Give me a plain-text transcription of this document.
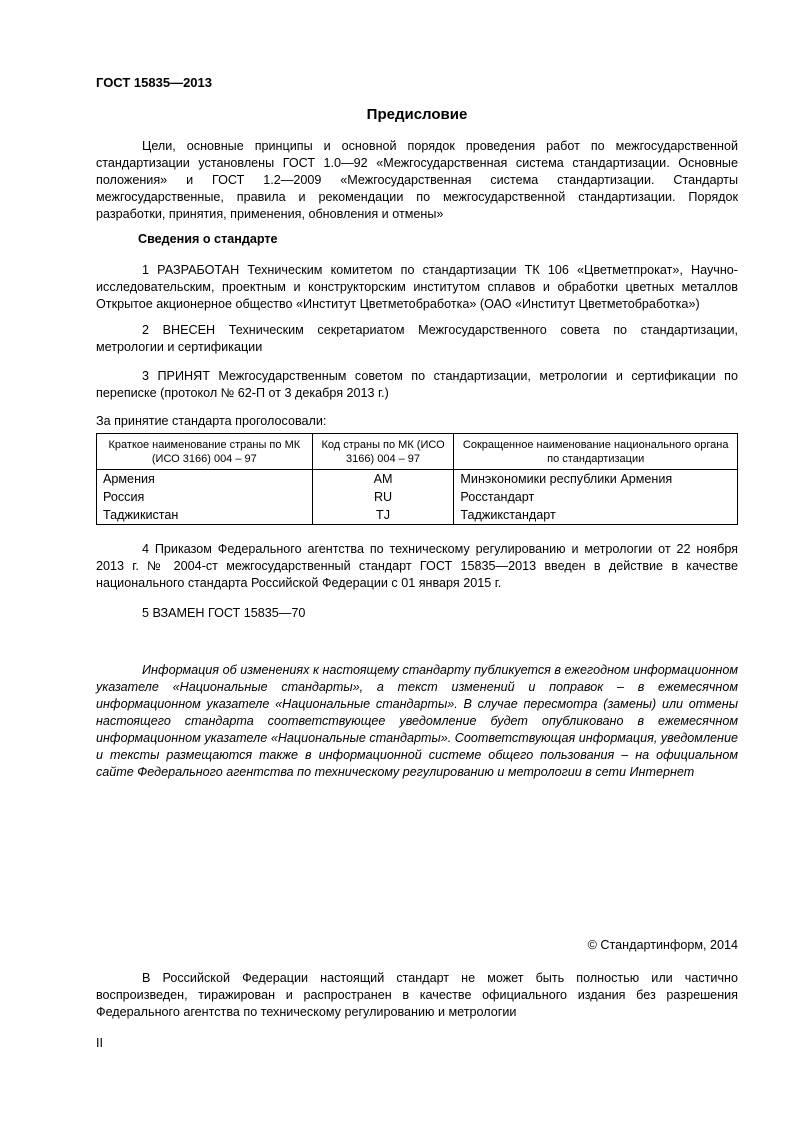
ГОСТ 15835—2013
Предисловие
Цели, основные принципы и основной порядок проведения работ по межгосударственной стандартизации установлены ГОСТ 1.0—92 «Межгосударственная система стандартизации. Основные положения» и ГОСТ 1.2—2009 «Межгосударственная система стандартизации. Стандарты межгосударственные, правила и рекомендации по межгосударственной стандартизации. Порядок разработки, принятия, применения, обновления и отмены»
Сведения о стандарте
1 РАЗРАБОТАН Техническим комитетом по стандартизации ТК 106 «Цветметпрокат», Научно-исследовательским, проектным и конструкторским институтом сплавов и обработки цветных металлов Открытое акционерное общество «Институт Цветметобработка» (ОАО «Институт Цветметобработка»)
2 ВНЕСЕН Техническим секретариатом Межгосударственного совета по стандартизации, метрологии и сертификации
3 ПРИНЯТ Межгосударственным советом по стандартизации, метрологии и сертификации по переписке (протокол № 62-П от 3 декабря 2013 г.)
За принятие стандарта проголосовали:
Краткое наименование страны по МК (ИСО 3166) 004 – 97	Код страны по МК (ИСО 3166) 004 – 97	Сокращенное наименование национального органа по стандартизации
Армения	AM	Минэкономики республики Армения
Россия	RU	Росстандарт
Таджикистан	TJ	Таджикстандарт
4 Приказом Федерального агентства по техническому регулированию и метрологии от 22 ноября 2013 г. № 2004-ст межгосударственный стандарт ГОСТ 15835—2013 введен в действие в качестве национального стандарта Российской Федерации с 01 января 2015 г.
5 ВЗАМЕН ГОСТ 15835—70
Информация об изменениях к настоящему стандарту публикуется в ежегодном информационном указателе «Национальные стандарты», а текст изменений и поправок – в ежемесячном информационном указателе «Национальные стандарты». В случае пересмотра (замены) или отмены настоящего стандарта соответствующее уведомление будет опубликовано в ежемесячном информационном указателе «Национальные стандарты». Соответствующая информация, уведомление и тексты размещаются также в информационной системе общего пользования – на официальном сайте Федерального агентства по техническому регулированию и метрологии в сети Интернет
© Стандартинформ, 2014
В Российской Федерации настоящий стандарт не может быть полностью или частично воспроизведен, тиражирован и распространен в качестве официального издания без разрешения Федерального агентства по техническому регулированию и метрологии
II
